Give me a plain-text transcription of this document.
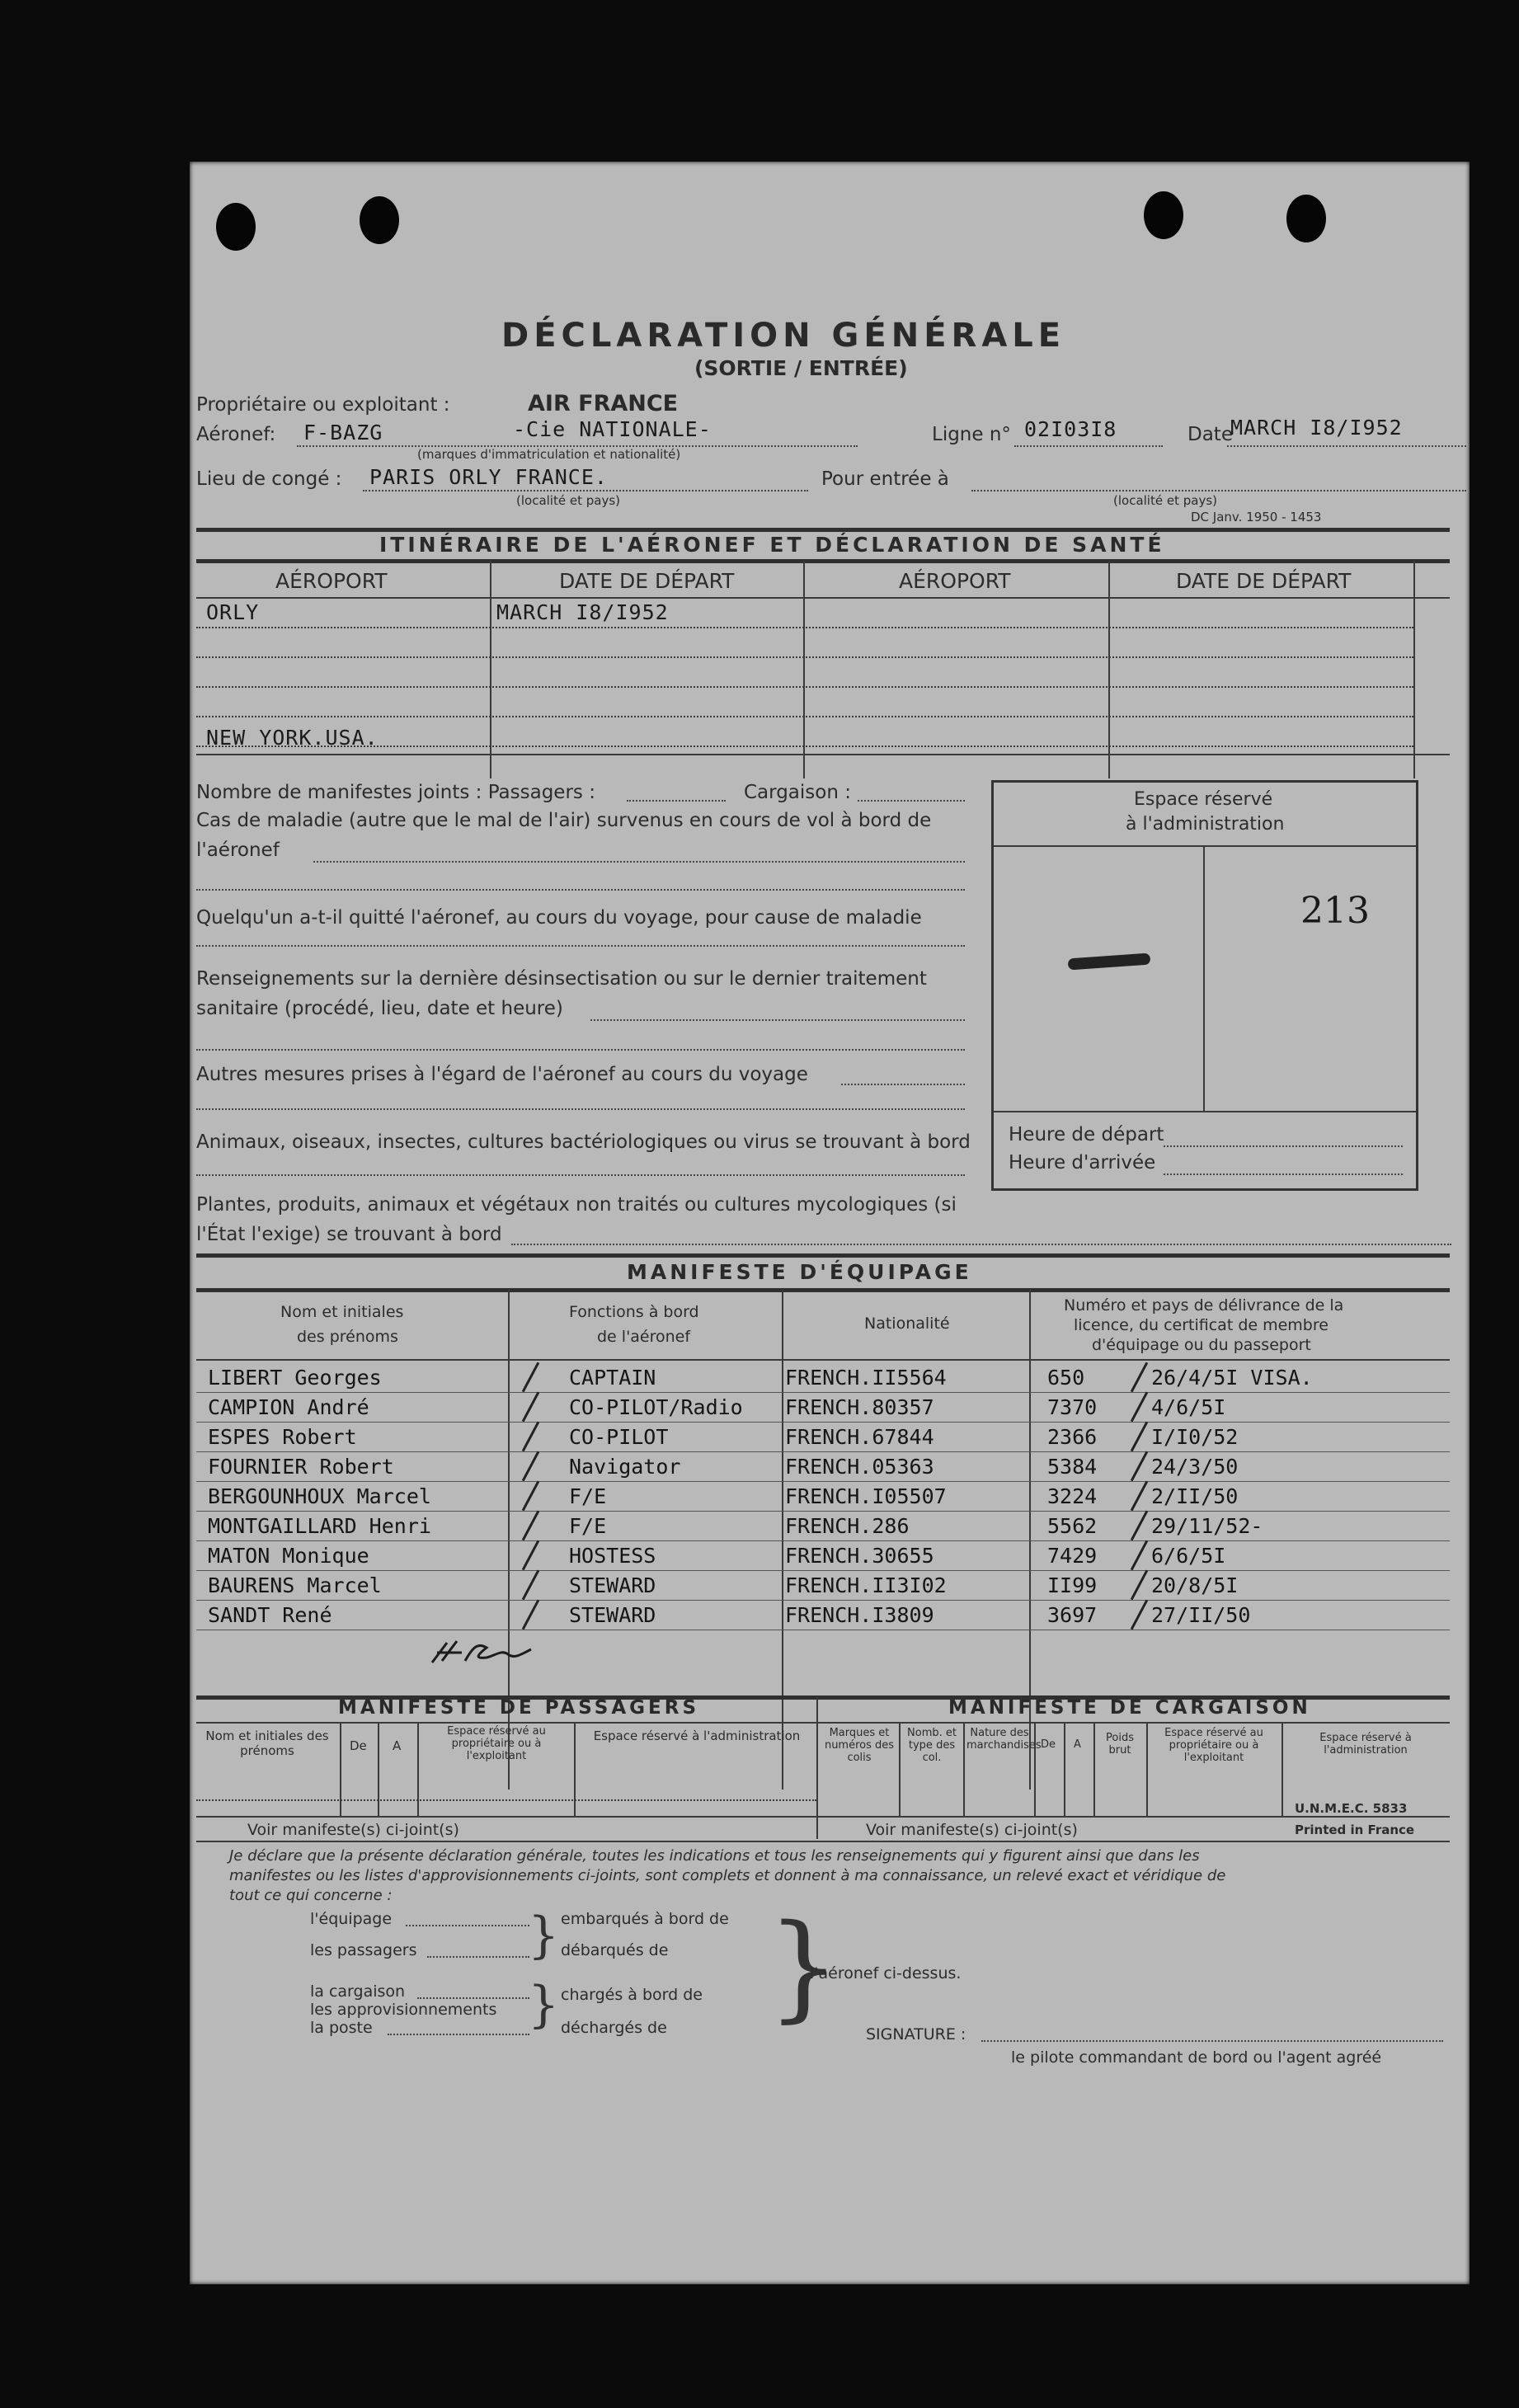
DÉCLARATION GÉNÉRALE
(SORTIE / ENTRÉE)
Propriétaire ou exploitant :	AIR FRANCE
Aéronef: F-BAZG	-Cie NATIONALE-
(marques d'immatriculation et nationalité)
Ligne n° 02I03I8	Date
MARCH I8/I952
Lieu de congé : PARIS ORLY FRANCE.
(localité et pays)
Pour entrée à
(localité et pays)
DC Janv. 1950 - 1453
ITINÉRAIRE DE L'AÉRONEF ET DÉCLARATION DE SANTÉ
AÉROPORT	DATE DE DÉPART	AÉROPORT	DATE DE DÉPART
ORLY	MARCH I8/I952
NEW YORK.USA.
Nombre de manifestes joints : Passagers :	Cargaison :
Cas de maladie (autre que le mal de l'air) survenus en cours de vol à bord de
l'aéronef
Quelqu'un a-t-il quitté l'aéronef, au cours du voyage, pour cause de maladie
Renseignements sur la dernière désinsectisation ou sur le dernier traitement
sanitaire (procédé, lieu, date et heure)
Autres mesures prises à l'égard de l'aéronef au cours du voyage
Animaux, oiseaux, insectes, cultures bactériologiques ou virus se trouvant à bord
Plantes, produits, animaux et végétaux non traités ou cultures mycologiques (si
l'État l'exige) se trouvant à bord
Espace réservé
à l'administration
213
Heure de départ
Heure d'arrivée
MANIFESTE D'ÉQUIPAGE
Nom et initiales
des prénoms
Fonctions à bord
de l'aéronef
Nationalité
Numéro et pays de délivrance de la
licence, du certificat de membre
d'équipage ou du passeport
LIBERT Georges	CAPTAIN	FRENCH.II5564	650	26/4/5I VISA.
CAMPION André	CO-PILOT/Radio FRENCH.80357	7370	4/6/5I
ESPES Robert	CO-PILOT	FRENCH.67844	2366	I/I0/52
FOURNIER Robert	Navigator	FRENCH.05363	5384	24/3/50
BERGOUNHOUX Marcel	F/E	FRENCH.I05507	3224	2/II/50
MONTGAILLARD Henri	F/E	FRENCH.286	5562	29/11/52-
MATON Monique	HOSTESS	FRENCH.30655	7429	6/6/5I
BAURENS Marcel	STEWARD	FRENCH.II3I02	II99	20/8/5I
SANDT René	STEWARD	FRENCH.I3809	3697	27/II/50
MANIFESTE DE PASSAGERS	MANIFESTE DE CARGAISON
Nom et initiales des prénoms	De A
Espace réservé au propriétaire ou à l'exploitant
Espace réservé à l'administration
Voir manifeste(s) ci-joint(s)
Marques et numéros des colis
Nomb. et type des col.
Nature des marchandises De A
Poids brut
Espace réservé au propriétaire ou à l'exploitant
Espace réservé à l'administration
U.N.M.E.C. 5833
Voir manifeste(s) ci-joint(s)	Printed in France
Je déclare que la présente déclaration générale, toutes les indications et tous les renseignements qui y figurent ainsi que dans les
manifestes ou les listes d'approvisionnements ci-joints, sont complets et donnent à ma connaissance, un relevé exact et véridique de
tout ce qui concerne :
l'équipage
les passagers
la cargaison
les approvisionnements
la poste
embarqués à bord de
débarqués de
chargés à bord de
déchargés de
}
} }
l'aéronef ci-dessus.
SIGNATURE :
le pilote commandant de bord ou l'agent agréé
